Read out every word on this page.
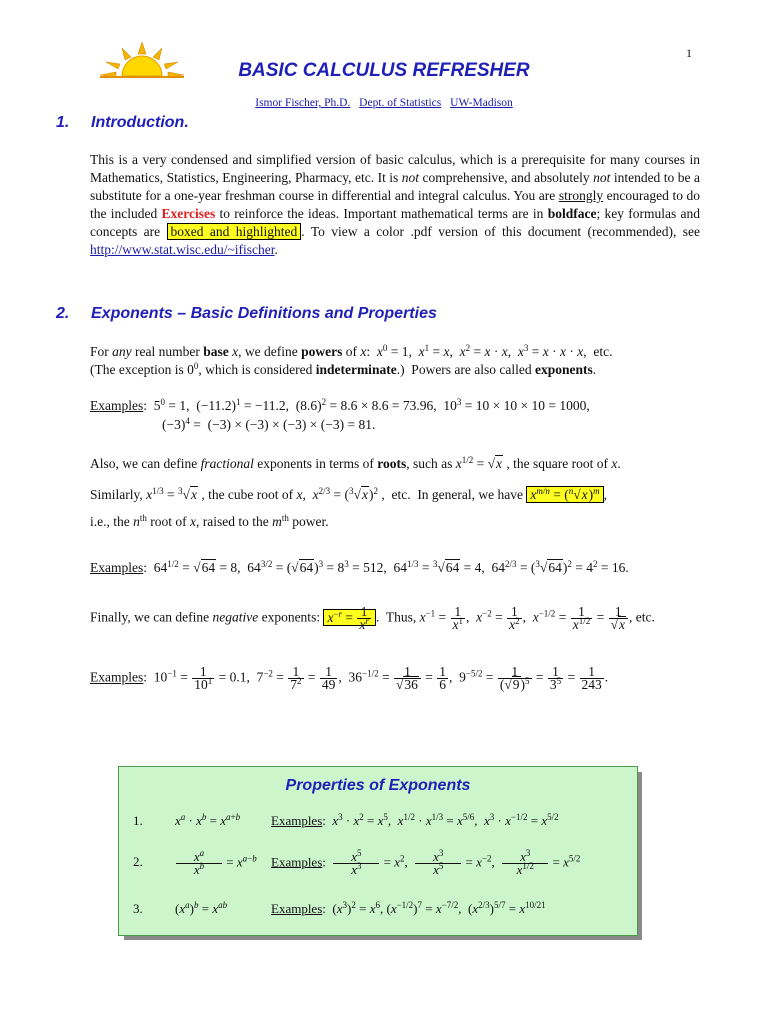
1
BASIC CALCULUS REFRESHER
Ismor Fischer, Ph.D. Dept. of Statistics UW-Madison
1. Introduction.
This is a very condensed and simplified version of basic calculus, which is a prerequisite for many courses in Mathematics, Statistics, Engineering, Pharmacy, etc. It is not comprehensive, and absolutely not intended to be a substitute for a one-year freshman course in differential and integral calculus. You are strongly encouraged to do the included Exercises to reinforce the ideas. Important mathematical terms are in boldface; key formulas and concepts are boxed and highlighted . To view a color .pdf version of this document (recommended), see http://www.stat.wisc.edu/~ifischer.
2. Exponents – Basic Definitions and Properties
For any real number base x, we define powers of x:  $x^0 = 1$,  $x^1 = x$,  $x^2 = x \cdot x$,  $x^3 = x \cdot x \cdot x$,  etc.
(The exception is $0^0$, which is considered indeterminate.)  Powers are also called exponents.
Examples:  $5^0 = 1$,  $(-11.2)^1 = -11.2$,  $(8.6)^2 = 8.6 \times 8.6 = 73.96$,  $10^3 = 10 \times 10 \times 10 = 1000$,
$(-3)^4 = (-3) \times (-3) \times (-3) \times (-3) = 81$.
Also, we can define fractional exponents in terms of roots, such as $x^{1/2} = √x$ , the square root of x.
Similarly, $x^{1/3} = ^3√x$ , the cube root of x,  $x^{2/3} = (^3√x)^2$ ,  etc.  In general, we have $x^{m/n} = (^n√x)^m$ ,
i.e., the $n^{th}$ root of x, raised to the $m^{th}$ power.
Examples:  $64^{1/2} = √64 = 8$,  $64^{3/2} = (√64)^3 = 8^3 = 512$,  $64^{1/3} = ^3√64 = 4$,  $64^{2/3} = (^3√64)^2 = 4^2 = 16$.
Finally, we can define negative exponents: $x^{-r} = \frac{1}{x^r}$ .  Thus, $x^{-1} = \frac{1}{x^1}$ ,  $x^{-2} = \frac{1}{x^2}$ ,  $x^{-1/2} = \frac{1}{x^{1/2}} = \frac{1}{√x}$ , etc.
Examples:  $10^{-1} = \frac{1}{10^1} = 0.1$,  $7^{-2} = \frac{1}{7^2} = \frac{1}{49}$ ,  $36^{-1/2} = \frac{1}{√36} = \frac{1}{6}$ ,  $9^{-5/2} = \frac{1}{(√9)^5} = \frac{1}{3^5} = \frac{1}{243}$ .
Properties of Exponents
1. $x^a \cdot x^b = x^{a+b}$ Examples:  $x^3 \cdot x^2 = x^5$,  $x^{1/2} \cdot x^{1/3} = x^{5/6}$,  $x^3 \cdot x^{-1/2} = x^{5/2}$
2.	$\frac{x^a}{x^b} = x^{a-b}$ Examples:  $\frac{x^5}{x^3} = x^2$,  $\frac{x^3}{x^5} = x^{-2}$,  $\frac{x^3}{x^{1/2}} = x^{5/2}$
3. $(x^a)^b = x^{ab}$	Examples:  $(x^3)^2 = x^6$, $(x^{-1/2})^7 = x^{-7/2}$,  $(x^{2/3})^{5/7} = x^{10/21}$
